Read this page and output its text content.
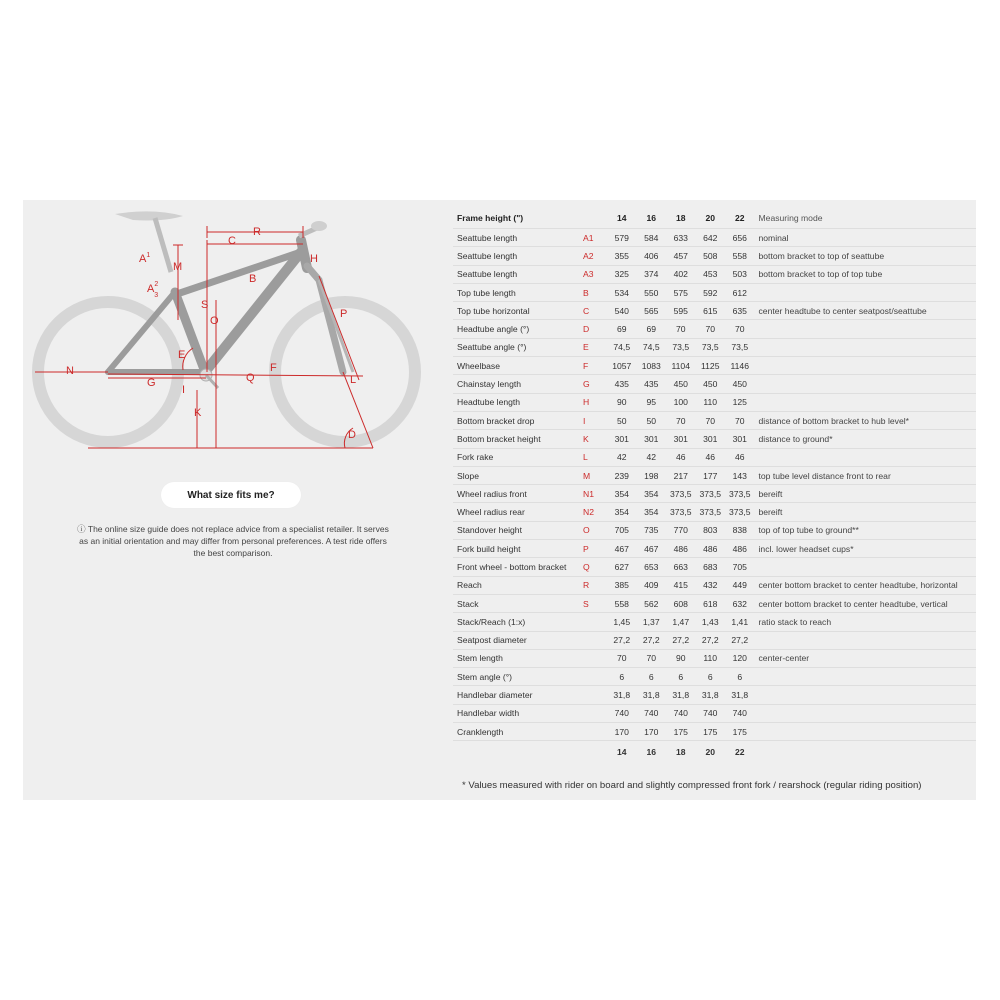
$A^1$
M
$A^2$ 3
C
R
B
H
S
O
E
N
G
I
Q
F
L
K
P
D
What size fits me?
ⓘ The online size guide does not replace advice from a specialist retailer. It serves as an initial orientation and may differ from personal preferences. A test ride offers the best comparison.
Frame height (")		14	16	18	20	22	Measuring mode
Seattube length	A1	579	584	633	642	656	nominal
Seattube length	A2	355	406	457	508	558	bottom bracket to top of seattube
Seattube length	A3	325	374	402	453	503	bottom bracket to top of top tube
Top tube length	B	534	550	575	592	612	
Top tube horizontal	C	540	565	595	615	635	center headtube to center seatpost/seattube
Headtube angle (°)	D	69	69	70	70	70	
Seattube angle (°)	E	74,5	74,5	73,5	73,5	73,5	
Wheelbase	F	1057	1083	1104	1125	1146	
Chainstay length	G	435	435	450	450	450	
Headtube length	H	90	95	100	110	125	
Bottom bracket drop	I	50	50	70	70	70	distance of bottom bracket to hub level*
Bottom bracket height	K	301	301	301	301	301	distance to ground*
Fork rake	L	42	42	46	46	46	
Slope	M	239	198	217	177	143	top tube level distance front to rear
Wheel radius front	N1	354	354	373,5	373,5	373,5	bereift
Wheel radius rear	N2	354	354	373,5	373,5	373,5	bereift
Standover height	O	705	735	770	803	838	top of top tube to ground**
Fork build height	P	467	467	486	486	486	incl. lower headset cups*
Front wheel - bottom bracket	Q	627	653	663	683	705	
Reach	R	385	409	415	432	449	center bottom bracket to center headtube, horizontal
Stack	S	558	562	608	618	632	center bottom bracket to center headtube, vertical
Stack/Reach (1:x)		1,45	1,37	1,47	1,43	1,41	ratio stack to reach
Seatpost diameter		27,2	27,2	27,2	27,2	27,2	
Stem length		70	70	90	110	120	center-center
Stem angle (°)		6	6	6	6	6	
Handlebar diameter		31,8	31,8	31,8	31,8	31,8	
Handlebar width		740	740	740	740	740	
Cranklength		170	170	175	175	175	
		14	16	18	20	22	
* Values measured with rider on board and slightly compressed front fork / rearshock (regular riding position)
